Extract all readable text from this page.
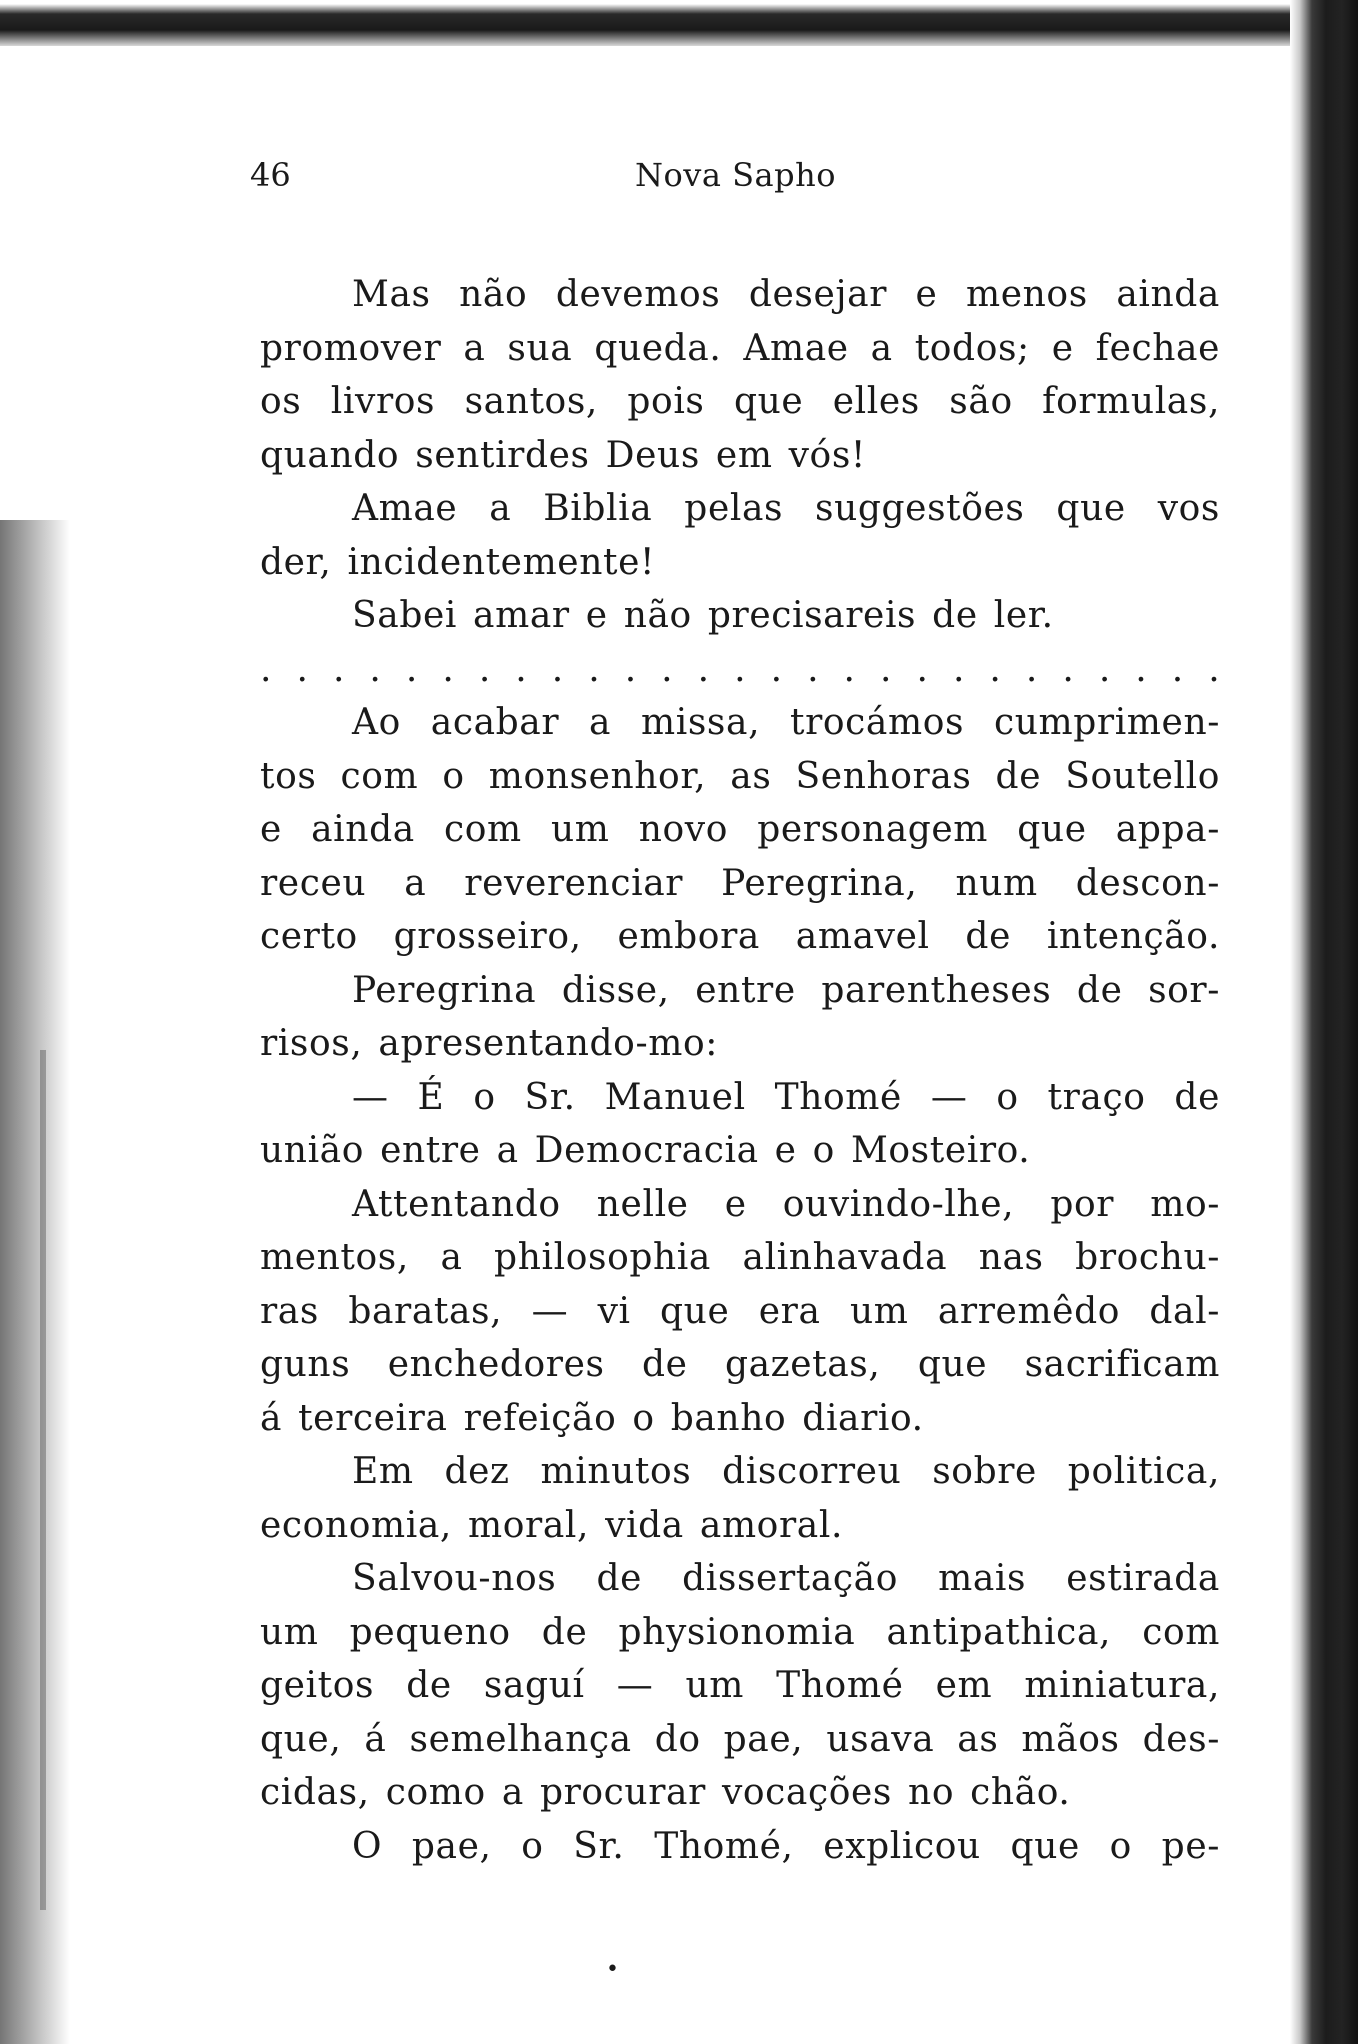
46	Nova Sapho
Mas não devemos desejar e menos ainda
promover a sua queda. Amae a todos; e fechae
os livros santos, pois que elles são formulas,
quando sentirdes Deus em vós!
Amae a Biblia pelas suggestões que vos
der, incidentemente!
Sabei amar e não precisareis de ler.
. . . . . . . . . . . . . . . . . . . . . . . . . . .
Ao acabar a missa, trocámos cumprimen-
tos com o monsenhor, as Senhoras de Soutello
e ainda com um novo personagem que appa-
receu a reverenciar Peregrina, num descon-
certo grosseiro, embora amavel de intenção.
Peregrina disse, entre parentheses de sor-
risos, apresentando-mo:
— É o Sr. Manuel Thomé — o traço de
união entre a Democracia e o Mosteiro.
Attentando nelle e ouvindo-lhe, por mo-
mentos, a philosophia alinhavada nas brochu-
ras baratas, — vi que era um arremêdo dal-
guns enchedores de gazetas, que sacrificam
á terceira refeição o banho diario.
Em dez minutos discorreu sobre politica,
economia, moral, vida amoral.
Salvou-nos de dissertação mais estirada
um pequeno de physionomia antipathica, com
geitos de saguí — um Thomé em miniatura,
que, á semelhança do pae, usava as mãos des-
cidas, como a procurar vocações no chão.
O pae, o Sr. Thomé, explicou que o pe-
•
